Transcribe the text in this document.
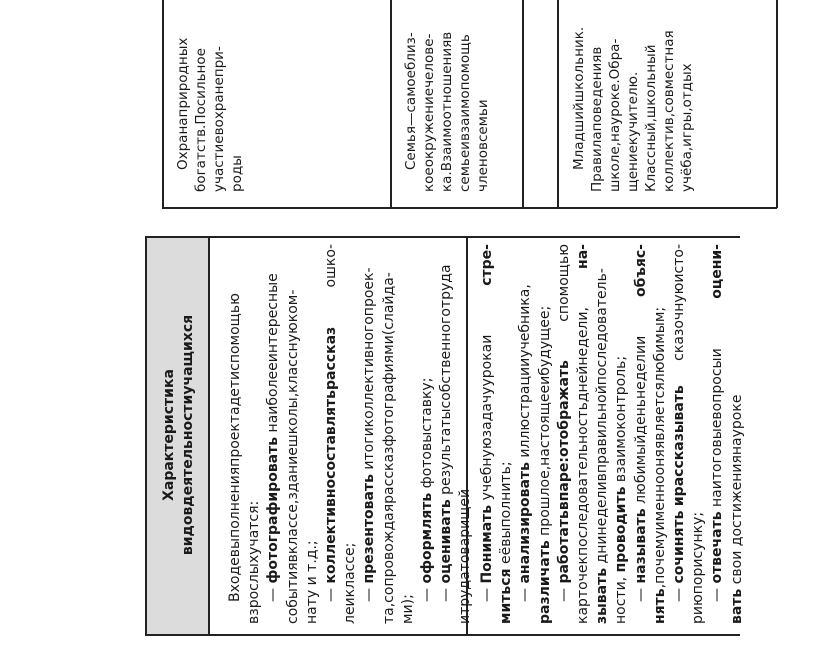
Охранаприродных богатств.Посильное участиевохранепри- роды

Семья—самоеблиз- коеокружениечелове- ка.Взаимоотношенияв семьеивзаимопомощь членовсемьи	Младшийшкольник. Правилаповеденияв школе,наурокe.Обра- щениекучителю. Классный,школьный коллектив,совместная учёба,игры,отдых

Характеристика видовдеятельностиучащихся Входевыполненияпроектадетиспомощью взрослыхучатся: — фотографировать наиболееинтересные событиявклассе,зданиешколы,класснуюком- нату и т.д.; — коллективносоставлятьрассказ
ошко-

леиклассе; — презентовать итогиколлективногопроек- та,сопровождаярассказфотографиями(слайда- ми); — оформлять фотовыставку;

— оценивать результатысобственноготруда

итрудатоварищей — Понимать учебнуюзадачуурокаи
стре-

миться еёвыполнить;

— анализировать иллюстрацииучебника,

различать прошлое,настоящееибудущее;

— работатьвпаре:отображать
спомощью

карточекпоследовательностьднейнедели,
на-

зывать днинеделивправильнойпоследователь-

ности, проводить взаимоконтроль;

— называть любимыйденьнеделии
объяс-

нять,почемуименнооняявляетсялюбимым;

— сочинять ирассказывать
сказочнуюисто-

риюпорисунку; — отвечать наитоговыевопросыи
оцени-

вать свои достижениянауроке
